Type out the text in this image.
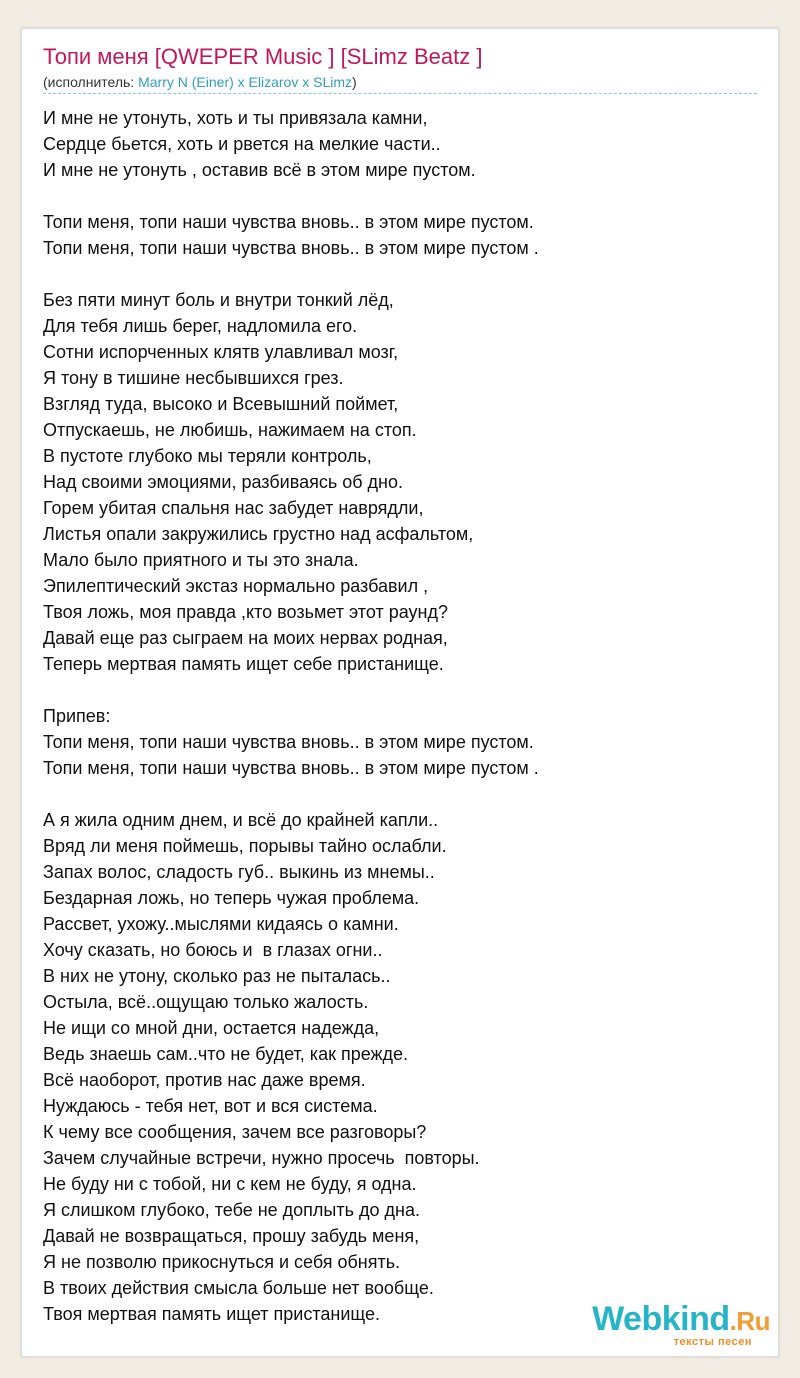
Топи меня [QWEPER Music ] [SLimz Beatz ]
(исполнитель: Marry N (Einer) x Elizarov x SLimz)
И мне не утонуть, хоть и ты привязала камни,
Сердце бьется, хоть и рвется на мелкие части..
И мне не утонуть , оставив всё в этом мире пустом.
Топи меня, топи наши чувства вновь.. в этом мире пустом.
Топи меня, топи наши чувства вновь.. в этом мире пустом .
Без пяти минут боль и внутри тонкий лёд,
Для тебя лишь берег, надломила его.
Сотни испорченных клятв улавливал мозг,
Я тону в тишине несбывшихся грез.
Взгляд туда, высоко и Всевышний поймет,
Отпускаешь, не любишь, нажимаем на стоп.
В пустоте глубоко мы теряли контроль,
Над своими эмоциями, разбиваясь об дно.
Горем убитая спальня нас забудет наврядли,
Листья опали закружились грустно над асфальтом,
Мало было приятного и ты это знала.
Эпилептический экстаз нормально разбавил ,
Твоя ложь, моя правда ,кто возьмет этот раунд?
Давай еще раз сыграем на моих нервах родная,
Теперь мертвая память ищет себе пристанище.
Припев:
Топи меня, топи наши чувства вновь.. в этом мире пустом.
Топи меня, топи наши чувства вновь.. в этом мире пустом .
А я жила одним днем, и всё до крайней капли..
Вряд ли меня поймешь, порывы тайно ослабли.
Запах волос, сладость губ.. выкинь из мнемы..
Бездарная ложь, но теперь чужая проблема.
Рассвет, ухожу..мыслями кидаясь о камни.
Хочу сказать, но боюсь и  в глазах огни..
В них не утону, сколько раз не пыталась..
Остыла, всё..ощущаю только жалость.
Не ищи со мной дни, остается надежда,
Ведь знаешь сам..что не будет, как прежде.
Всё наоборот, против нас даже время.
Нуждаюсь - тебя нет, вот и вся система.
К чему все сообщения, зачем все разговоры?
Зачем случайные встречи, нужно просечь  повторы.
Не буду ни с тобой, ни с кем не буду, я одна.
Я слишком глубоко, тебе не доплыть до дна.
Давай не возвращаться, прошу забудь меня,
Я не позволю прикоснуться и себя обнять.
В твоих действия смысла больше нет вообще.
Твоя мертвая память ищет пристанище.	Webkind.Ru
тексты песен
